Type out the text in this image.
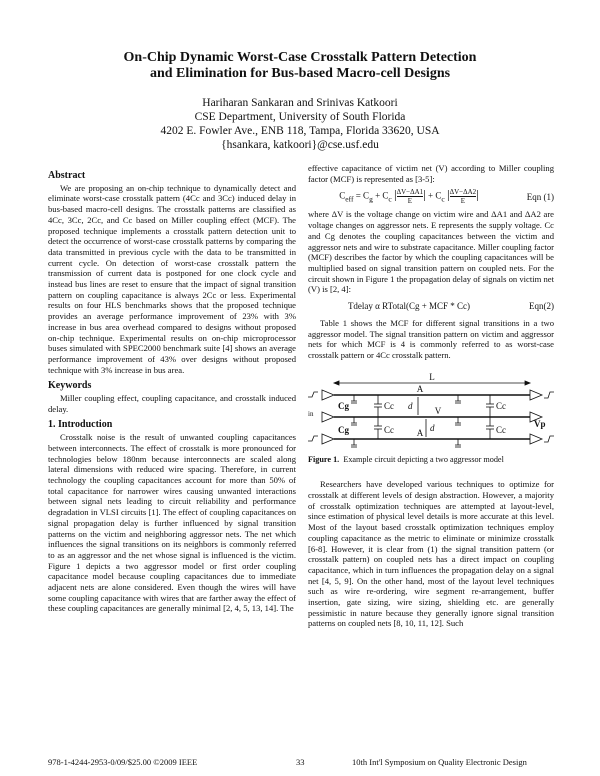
On-Chip Dynamic Worst-Case Crosstalk Pattern Detection
and Elimination for Bus-based Macro-cell Designs
Hariharan Sankaran and Srinivas Katkoori
CSE Department, University of South Florida
4202 E. Fowler Ave., ENB 118, Tampa, Florida 33620, USA
{hsankara, katkoori}@cse.usf.edu
Abstract

We are proposing an on-chip technique to dynamically detect and eliminate worst-case crosstalk pattern (4Cc and 3Cc) induced delay in bus-based macro-cell designs. The crosstalk patterns are classified as 4Cc, 3Cc, 2Cc, and Cc based on Miller coupling effect (MCF). The proposed technique implements a crosstalk pattern detection unit to detect the occurrence of worst-case crosstalk patterns by comparing the data transmitted in previous cycle with the data to be transmitted in current cycle. On detection of worst-case crosstalk pattern the transmission of current data is postponed for one clock cycle and instead bus lines are reset to ensure that the impact of signal transition pattern on coupling capacitance is always 2Cc or less. Experimental results on four HLS benchmarks shows that the proposed technique provides an average performance improvement of 23% with 3% increase in bus area overhead compared to designs without proposed on-chip technique. Experimental results on on-chip microprocessor buses simulated with SPEC2000 benchmark suite [4] shows an average performance improvement of 43% over designs without proposed technique with 3% increase in bus area.

Keywords

Miller coupling effect, coupling capacitance, and crosstalk induced delay.

1. Introduction

Crosstalk noise is the result of unwanted coupling capacitances between interconnects. The effect of crosstalk is more pronounced for technologies below 180nm because interconnects are scaled along lateral dimensions with reduced wire spacing. Therefore, in current technology the coupling capacitances account for more than 50% of total capacitance for narrower wires causing unwanted interactions between signal nets leading to circuit reliability and performance degradation in VLSI circuits [1]. The effect of coupling capacitances on signal propagation delay is further influenced by signal transition patterns on the victim and neighboring aggressor nets. The net which influences the signal transitions on its neighbors is commonly referred to as an aggressor and the net whose signal is influenced is the victim. Figure 1 depicts a two aggressor model or first order coupling capacitance model because coupling capacitances due to immediate adjacent nets are alone considered. Even though the wires will have some coupling capacitance with wires that are farther away the effect of these coupling capacitances are generally minimal [2, 4, 5, 13, 14]. The

effective capacitance of victim net (V) according to Miller coupling factor (MCF) is represented as [3-5]:

$C_{eff} = C_g + C_c$ | $\frac{\Delta V-\Delta A1}{E}$ | + $C_c$ | $\frac{\Delta V-\Delta A2}{E}$ |	Eqn (1)

where ΔV is the voltage change on victim wire and ΔA1 and ΔA2 are voltage changes on aggressor nets. E represents the supply voltage. Cc and Cg denotes the coupling capacitances between the victim and aggressor nets and wire to substrate capacitance. Miller coupling factor (MCF) describes the factor by which the coupling capacitances will be multiplied based on signal transition pattern on coupled nets. For the circuit shown in Figure 1 the propagation delay of signals on victim net (V) is [2, 4]:

Tdelay α RTotal(Cg + MCF * Cc)	Eqn(2)

Table 1 shows the MCF for different signal transitions in a two aggressor model. The signal transition pattern on victim and aggressor nets for which MCF is 4 is commonly referred to as worst-case crosstalk pattern or 4Cc crosstalk pattern.

L
A
V
A
Cg	Cc	Cc
Cg	Cc	Cc
d
d
in
Vp
Figure 1. Example circuit depicting a two aggressor model

Researchers have developed various techniques to optimize for crosstalk at different levels of design abstraction. However, a majority of crosstalk optimization techniques are attempted at layout-level, since estimation of physical level details is more accurate at this level. Most of the layout based crosstalk optimization techniques employ coupling capacitance as the metric to eliminate or minimize crosstalk [6-8]. However, it is clear from (1) the signal transition pattern (or crosstalk pattern) on coupled nets has a direct impact on coupling capacitance, which in turn influences the propagation delay on a signal net [4, 5, 9]. On the other hand, most of the layout level techniques such as wire re-ordering, wire segment re-arrangement, buffer insertion, gate sizing, wire sizing, shielding etc. are generally pessimistic in nature because they generally ignore signal transition patterns on coupled nets [8, 10, 11, 12]. Such

978-1-4244-2953-0/09/$25.00 ©2009 IEEE	33	10th Int'l Symposium on Quality Electronic Design
